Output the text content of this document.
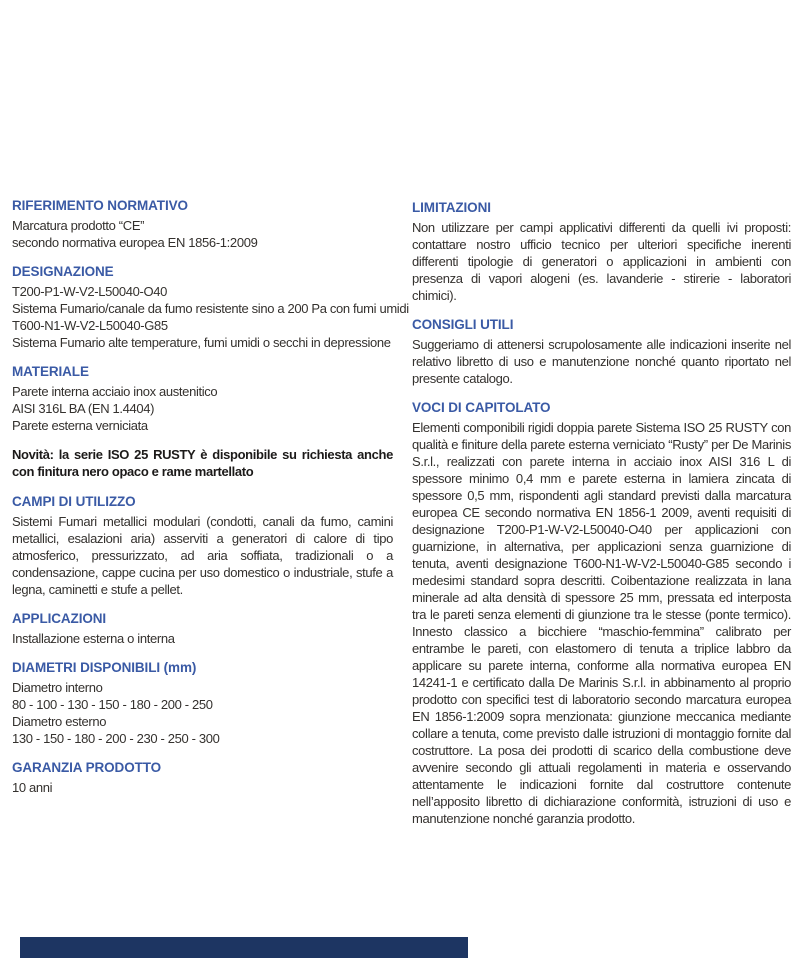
RIFERIMENTO NORMATIVO

Marcatura prodotto “CE”

secondo normativa europea EN 1856-1:2009

DESIGNAZIONE

T200-P1-W-V2-L50040-O40

Sistema Fumario/canale da fumo resistente sino a 200 Pa con fumi umidi

T600-N1-W-V2-L50040-G85

Sistema Fumario alte temperature, fumi umidi o secchi in depressione

MATERIALE

Parete interna acciaio inox austenitico

AISI 316L BA (EN 1.4404)

Parete esterna verniciata

Novità: la serie ISO 25 RUSTY è disponibile su richiesta anche con finitura nero opaco e rame martellato

CAMPI DI UTILIZZO

Sistemi Fumari metallici modulari (condotti, canali da fumo, camini metallici, esalazioni aria) asserviti a generatori di calore di tipo atmosferico, pressurizzato, ad aria soffiata, tradizionali o a condensazione, cappe cucina per uso domestico o industriale, stufe a legna, caminetti e stufe a pellet.

APPLICAZIONI

Installazione esterna o interna

DIAMETRI DISPONIBILI (mm)

Diametro interno

80 - 100 - 130 - 150 - 180 - 200 - 250

Diametro esterno

130 - 150 - 180 - 200 - 230 - 250 - 300

GARANZIA PRODOTTO

10 anni

LIMITAZIONI

Non utilizzare per campi applicativi differenti da quelli ivi proposti: contattare nostro ufficio tecnico per ulteriori specifiche inerenti differenti tipologie di generatori o applicazioni in ambienti con presenza di vapori alogeni (es. lavanderie - stirerie - laboratori chimici).

CONSIGLI UTILI

Suggeriamo di attenersi scrupolosamente alle indicazioni inserite nel relativo libretto di uso e manutenzione nonché quanto riportato nel presente catalogo.

VOCI DI CAPITOLATO

Elementi componibili rigidi doppia parete Sistema ISO 25 RUSTY con qualità e finiture della parete esterna verniciato “Rusty” per De Marinis S.r.l., realizzati con parete interna in acciaio inox AISI 316 L di spessore minimo 0,4 mm e parete esterna in lamiera zincata di spessore 0,5 mm, rispondenti agli standard previsti dalla marcatura europea CE secondo normativa EN 1856-1 2009, aventi requisiti di designazione T200-P1-W-V2-L50040-O40 per applicazioni con guarnizione, in alternativa, per applicazioni senza guarnizione di tenuta, aventi designazione T600-N1-W-V2-L50040-G85 secondo i medesimi standard sopra descritti. Coibentazione realizzata in lana minerale ad alta densità di spessore 25 mm, pressata ed interposta tra le pareti senza elementi di giunzione tra le stesse (ponte termico). Innesto classico a bicchiere “maschio-femmina” calibrato per entrambe le pareti, con elastomero di tenuta a triplice labbro da applicare su parete interna, conforme alla normativa europea EN 14241-1 e certificato dalla De Marinis S.r.l. in abbinamento al proprio prodotto con specifici test di laboratorio secondo marcatura europea EN 1856-1:2009 sopra menzionata: giunzione meccanica mediante collare a tenuta, come previsto dalle istruzioni di montaggio fornite dal costruttore. La posa dei prodotti di scarico della combustione deve avvenire secondo gli attuali regolamenti in materia e osservando attentamente le indicazioni fornite dal costruttore contenute nell’apposito libretto di dichiarazione conformità, istruzioni di uso e manutenzione nonché garanzia prodotto.
